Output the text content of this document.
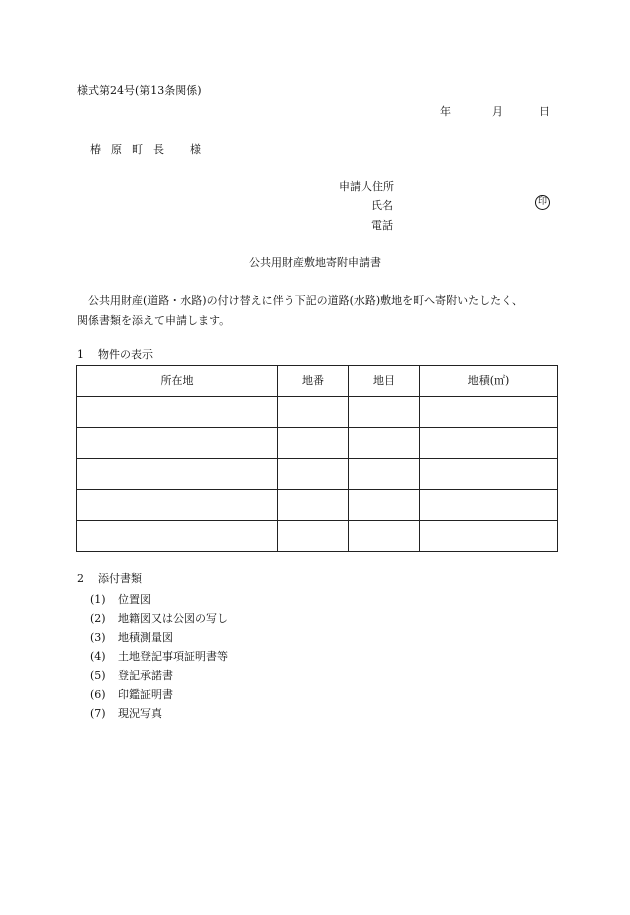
様式第24号(第13条関係)
年	月	日
椿 原 町 長 様
申請人住所
氏名	印
電話
公共用財産敷地寄附申請書
公共用財産(道路・水路)の付け替えに伴う下記の道路(水路)敷地を町へ寄附いたしたく、
関係書類を添えて申請します。
1 物件の表示
所在地	地番	地目	地積(㎡)

2 添付書類
(1) 位置図
(2) 地籍図又は公図の写し
(3) 地積測量図
(4) 土地登記事項証明書等
(5) 登記承諾書
(6) 印鑑証明書
(7) 現況写真
